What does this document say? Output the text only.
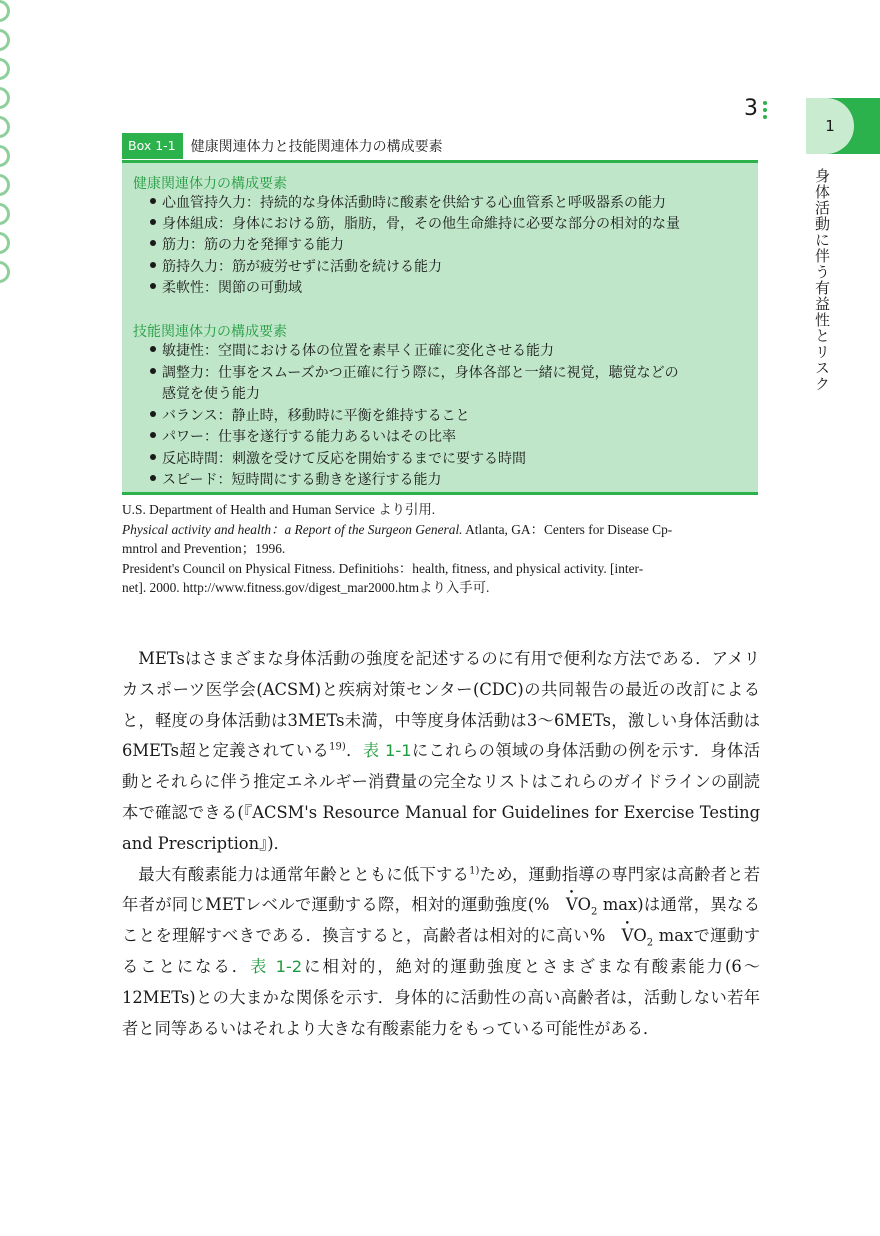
3
1
身体活動に伴う有益性とリスク
Box 1-1	健康関連体力と技能関連体力の構成要素
健康関連体力の構成要素
心血管持久力：持続的な身体活動時に酸素を供給する心血管系と呼吸器系の能力
身体組成：身体における筋，脂肪，骨，その他生命維持に必要な部分の相対的な量
筋力：筋の力を発揮する能力
筋持久力：筋が疲労せずに活動を続ける能力
柔軟性：関節の可動域
技能関連体力の構成要素
敏捷性：空間における体の位置を素早く正確に変化させる能力
調整力：仕事をスムーズかつ正確に行う際に，身体各部と一緒に視覚，聴覚などの
感覚を使う能力
バランス：静止時，移動時に平衡を維持すること
パワー：仕事を遂行する能力あるいはその比率
反応時間：刺激を受けて反応を開始するまでに要する時間
スピード：短時間にする動きを遂行する能力
U.S. Department of Health and Human Service より引用.
Physical activity and health：a Report of the Surgeon General. Atlanta, GA：Centers for Disease Cp-
mntrol and Prevention；1996.
President's Council on Physical Fitness. Definitiohs：health, fitness, and physical activity. [inter-
net]. 2000. http://www.fitness.gov/digest_mar2000.htmより入手可.

METsはさまざまな身体活動の強度を記述するのに有用で便利な方法である．アメリカスポーツ医学会(ACSM)と疾病対策センター(CDC)の共同報告の最近の改訂によると，軽度の身体活動は3METs未満，中等度身体活動は3～6METs，激しい身体活動は6METs超と定義されている$^{19)}$．表 1-1にこれらの領域の身体活動の例を示す．身体活動とそれらに伴う推定エネルギー消費量の完全なリストはこれらのガイドラインの副読本で確認できる(『ACSM's Resource Manual for Guidelines for Exercise Testing and Prescription』)．

最大有酸素能力は通常年齢とともに低下する$^{1)}$ため，運動指導の専門家は高齢者と若年者が同じMETレベルで運動する際，相対的運動強度(% • $VO_2$ max)は通常，異なることを理解すべきである．換言すると，高齢者は相対的に高い% • $VO_2$ maxで運動することになる．表 1-2に相対的，絶対的運動強度とさまざまな有酸素能力(6～12METs)との大まかな関係を示す．身体的に活動性の高い高齢者は，活動しない若年者と同等あるいはそれより大きな有酸素能力をもっている可能性がある．
